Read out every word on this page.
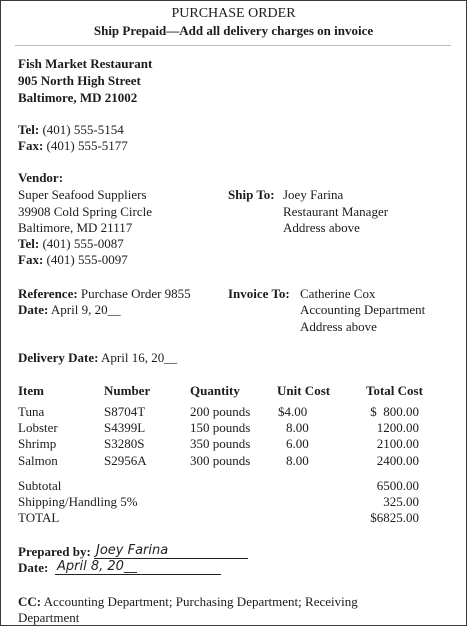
PURCHASE ORDER
Ship Prepaid—Add all delivery charges on invoice
Fish Market Restaurant
905 North High Street
Baltimore, MD 21002
Tel: (401) 555-5154
Fax: (401) 555-5177
Vendor:
Super Seafood Suppliers
39908 Cold Spring Circle
Baltimore, MD 21117
Tel: (401) 555-0087
Fax: (401) 555-0097
Ship To: Joey Farina
Restaurant Manager
Address above
Reference: Purchase Order 9855
Date: April 9, 20__
Invoice To: Catherine Cox
Accounting Department
Address above
Delivery Date: April 16, 20__
Item	Number	Quantity	Unit Cost	Total Cost
Tuna	S8704T	200 pounds $4.00	$  800.00
Lobster	S4399L	150 pounds	8.00	1200.00
Shrimp	S3280S	350 pounds	6.00	2100.00
Salmon	S2956A	300 pounds	8.00	2400.00
Subtotal	6500.00
Shipping/Handling 5%	325.00
TOTAL	$6825.00
Prepared by: Joey Farina
Date: April 8, 20__
CC: Accounting Department; Purchasing Department; Receiving
Department
